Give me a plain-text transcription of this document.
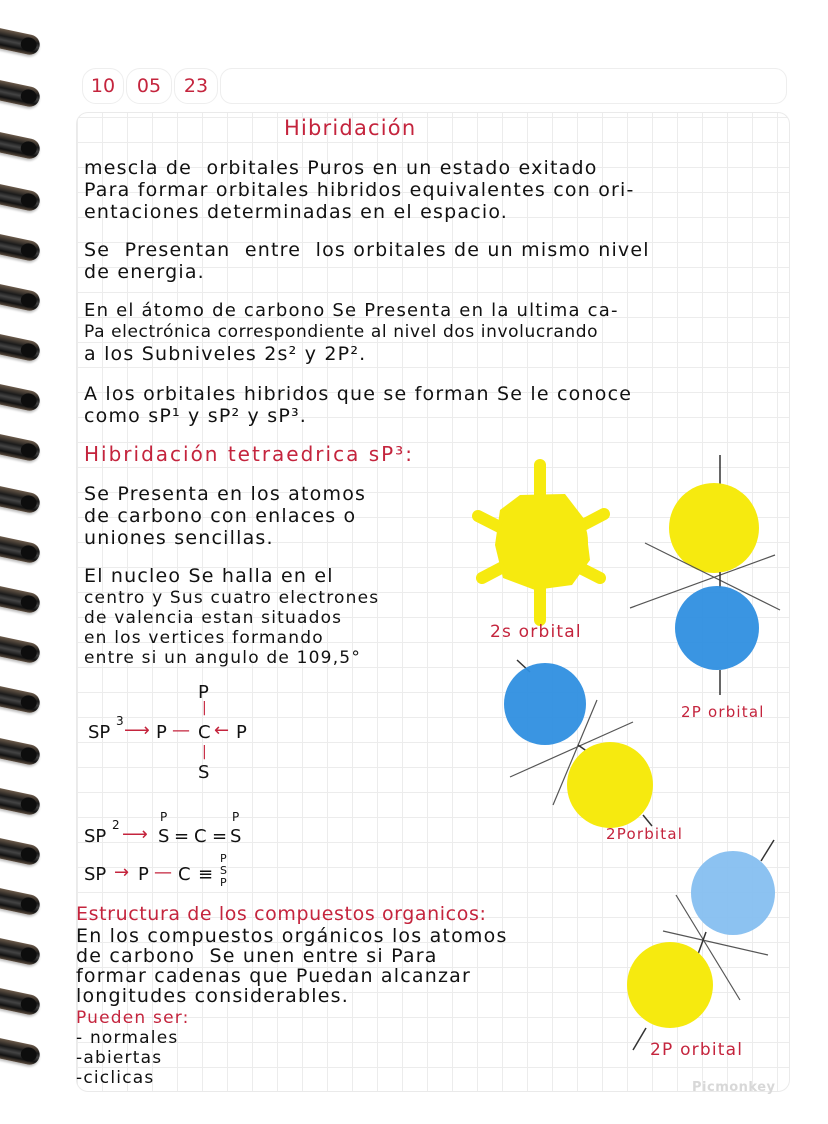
10	05	23
Hibridación
mescla de  orbitales Puros en un estado exitado
Para formar orbitales hibridos equivalentes con ori-
entaciones determinadas en el espacio.
Se  Presentan  entre  los orbitales de un mismo nivel
de energia.
En el átomo de carbono Se Presenta en la ultima ca-
Pa electrónica correspondiente al nivel dos involucrando
a los Subniveles 2s² y 2P².
A los orbitales hibridos que se forman Se le conoce
como sP¹ y sP² y sP³.
Hibridación tetraedrica sP³:
Se Presenta en los atomos
de carbono con enlaces o
uniones sencillas.
El nucleo Se halla en el
centro y Sus cuatro electrones
de valencia estan situados
en los vertices formando
entre si un angulo de 109,5°
SP
3 ⟶ P — C ← P
P
|
|
S
SP
2 ⟶
P
S = C =
P
S
SP → P — C ≡
P
S
P
Estructura de los compuestos organicos:
En los compuestos orgánicos los atomos
de carbono  Se unen entre si Para
formar cadenas que Puedan alcanzar
longitudes considerables.
Pueden ser:
- normales
-abiertas
-ciclicas
2s orbital
2P orbital
2Porbital
2P orbital
Picmonkey
